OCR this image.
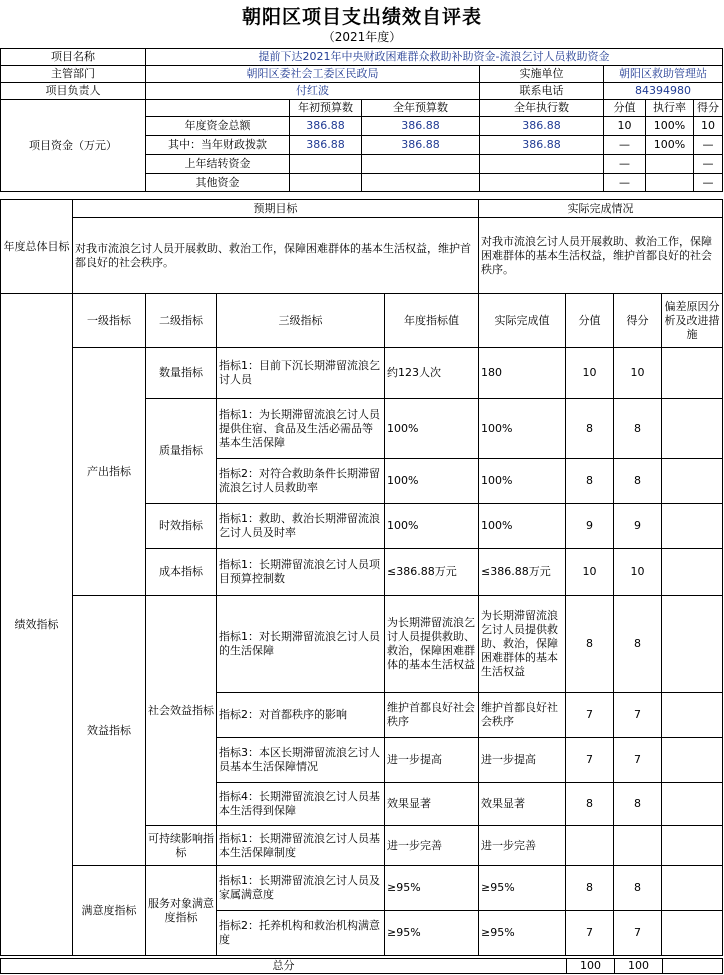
朝阳区项目支出绩效自评表
（2021年度）
项目名称	提前下达2021年中央财政困难群众救助补助资金-流浪乞讨人员救助资金						
主管部门	朝阳区委社会工委区民政局			实施单位	朝阳区救助管理站		
项目负责人	付红波			联系电话	84394980		
项目资金（万元）		年初预算数	全年预算数	全年执行数	分值	执行率	得分
	年度资金总额	386.88	386.88	386.88	10	100%	10
	其中：当年财政拨款	386.88	386.88	386.88	—	100%	—
	上年结转资金				—		—
	其他资金				—		—
年度总体目标	预期目标	实际完成情况
	对我市流浪乞讨人员开展救助、救治工作，保障困难群体的基本生活权益，维护首都良好的社会秩序。	对我市流浪乞讨人员开展救助、救治工作，保障困难群体的基本生活权益，维护首都良好的社会秩序。
绩效指标	一级指标	二级指标	三级指标	年度指标值	实际完成值	分值	得分	偏差原因分析及改进措施
	产出指标	数量指标	指标1：目前下沉长期滞留流浪乞讨人员	约123人次	180	10	10	
		质量指标	指标1：为长期滞留流浪乞讨人员提供住宿、食品及生活必需品等基本生活保障	100%	100%	8	8	
			指标2：对符合救助条件长期滞留流浪乞讨人员救助率	100%	100%	8	8	
		时效指标	指标1：救助、救治长期滞留流浪乞讨人员及时率	100%	100%	9	9	
		成本指标	指标1：长期滞留流浪乞讨人员项目预算控制数	≤386.88万元	≤386.88万元	10	10	
	效益指标	社会效益指标	指标1：对长期滞留流浪乞讨人员的生活保障	为长期滞留流浪乞讨人员提供救助、救治，保障困难群体的基本生活权益	为长期滞留流浪乞讨人员提供救助、救治，保障困难群体的基本生活权益	8	8	
			指标2：对首都秩序的影响	维护首都良好社会秩序	维护首都良好社会秩序	7	7	
			指标3：本区长期滞留流浪乞讨人员基本生活保障情况	进一步提高	进一步提高	7	7	
			指标4：长期滞留流浪乞讨人员基本生活得到保障	效果显著	效果显著	8	8	
		可持续影响指标	指标1：长期滞留流浪乞讨人员基本生活保障制度	进一步完善	进一步完善			
	满意度指标	服务对象满意度指标	指标1：长期滞留流浪乞讨人员及家属满意度	≥95%	≥95%	8	8	
			指标2：托养机构和救治机构满意度	≥95%	≥95%	7	7	
总分	100	100	
